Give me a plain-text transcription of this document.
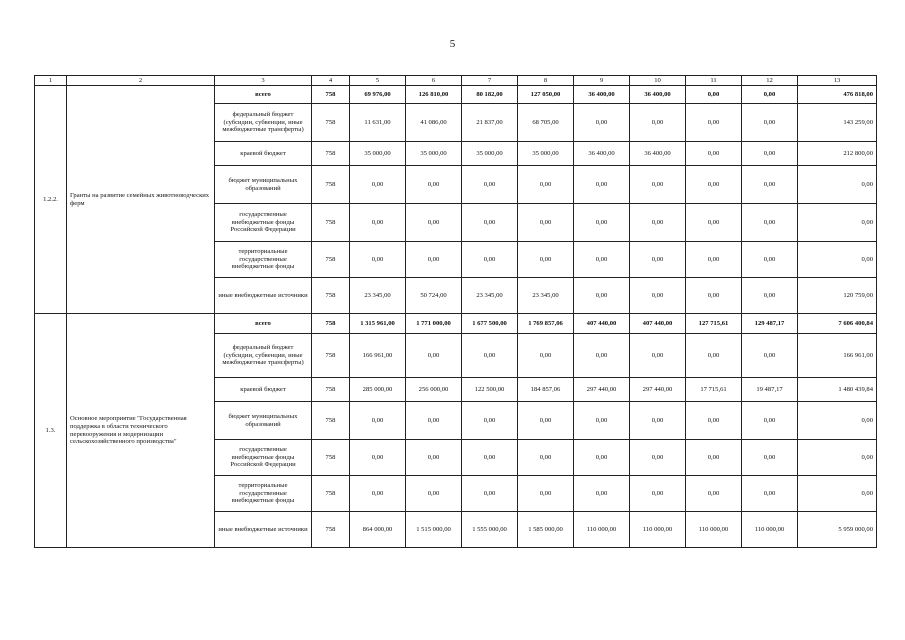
5
1	2	3	4	5	6	7	8	9	10	11	12	13
1.2.2.	Гранты на развитие семейных животноводческих ферм	всего	758	69 976,00	126 810,00	80 182,00	127 050,00	36 400,00	36 400,00	0,00	0,00	476 818,00
		федеральный бюджет (субсидии, субвенции, иные межбюджетные трансферты)	758	11 631,00	41 086,00	21 837,00	68 705,00	0,00	0,00	0,00	0,00	143 259,00
		краевой бюджет	758	35 000,00	35 000,00	35 000,00	35 000,00	36 400,00	36 400,00	0,00	0,00	212 800,00
		бюджет муниципальных образований	758	0,00	0,00	0,00	0,00	0,00	0,00	0,00	0,00	0,00
		государственные внебюджетные фонды Российской Федерации	758	0,00	0,00	0,00	0,00	0,00	0,00	0,00	0,00	0,00
		территориальные государственные внебюджетные фонды	758	0,00	0,00	0,00	0,00	0,00	0,00	0,00	0,00	0,00
		иные внебюджетные источники	758	23 345,00	50 724,00	23 345,00	23 345,00	0,00	0,00	0,00	0,00	120 759,00
1.3.	Основное мероприятие "Государственная поддержка в области технического перевооружения и модернизации сельскохозяйственного производства"	всего	758	1 315 961,00	1 771 000,00	1 677 500,00	1 769 857,06	407 440,00	407 440,00	127 715,61	129 487,17	7 606 400,84
		федеральный бюджет (субсидии, субвенции, иные межбюджетные трансферты)	758	166 961,00	0,00	0,00	0,00	0,00	0,00	0,00	0,00	166 961,00
		краевой бюджет	758	285 000,00	256 000,00	122 500,00	184 857,06	297 440,00	297 440,00	17 715,61	19 487,17	1 480 439,84
		бюджет муниципальных образований	758	0,00	0,00	0,00	0,00	0,00	0,00	0,00	0,00	0,00
		государственные внебюджетные фонды Российской Федерации	758	0,00	0,00	0,00	0,00	0,00	0,00	0,00	0,00	0,00
		территориальные государственные внебюджетные фонды	758	0,00	0,00	0,00	0,00	0,00	0,00	0,00	0,00	0,00
		иные внебюджетные источники	758	864 000,00	1 515 000,00	1 555 000,00	1 585 000,00	110 000,00	110 000,00	110 000,00	110 000,00	5 959 000,00
